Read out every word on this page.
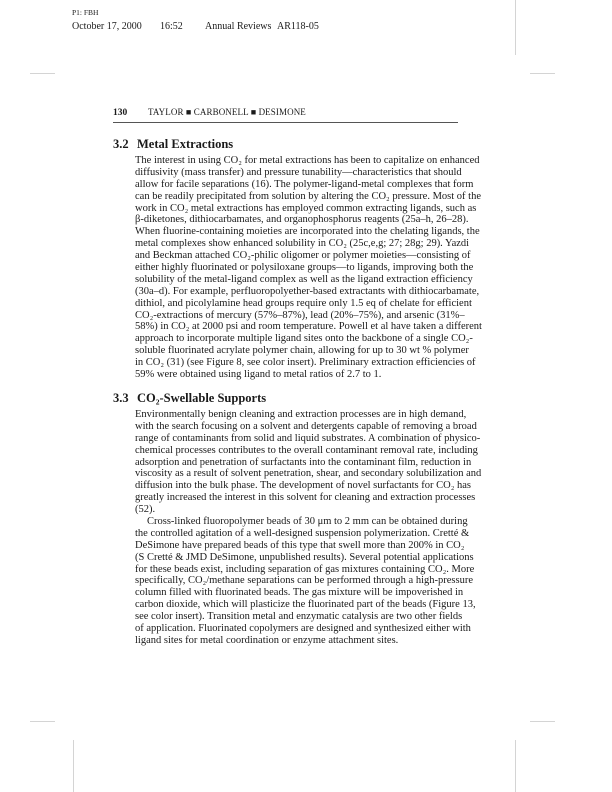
P1: FBH
October 17, 2000 16:52 Annual Reviews AR118-05
130 TAYLOR ■ CARBONELL ■ DESIMONE
3.2 Metal Extractions
The interest in using CO₂ for metal extractions has been to capitalize on enhanced
diffusivity (mass transfer) and pressure tunability—characteristics that should
allow for facile separations (16). The polymer-ligand-metal complexes that form
can be readily precipitated from solution by altering the CO₂ pressure. Most of the
work in CO₂ metal extractions has employed common extracting ligands, such as
β-diketones, dithiocarbamates, and organophosphorus reagents (25a–h, 26–28).
When fluorine-containing moieties are incorporated into the chelating ligands, the
metal complexes show enhanced solubility in CO₂ (25c,e,g; 27; 28g; 29). Yazdi
and Beckman attached CO₂-philic oligomer or polymer moieties—consisting of
either highly fluorinated or polysiloxane groups—to ligands, improving both the
solubility of the metal-ligand complex as well as the ligand extraction efficiency
(30a–d). For example, perfluoropolyether-based extractants with dithiocarbamate,
dithiol, and picolylamine head groups require only 1.5 eq of chelate for efficient
CO₂-extractions of mercury (57%–87%), lead (20%–75%), and arsenic (31%–
58%) in CO₂ at 2000 psi and room temperature. Powell et al have taken a different
approach to incorporate multiple ligand sites onto the backbone of a single CO₂-
soluble fluorinated acrylate polymer chain, allowing for up to 30 wt % polymer
in CO₂ (31) (see Figure 8, see color insert). Preliminary extraction efficiencies of
59% were obtained using ligand to metal ratios of 2.7 to 1.
3.3 CO₂-Swellable Supports
Environmentally benign cleaning and extraction processes are in high demand,
with the search focusing on a solvent and detergents capable of removing a broad
range of contaminants from solid and liquid substrates. A combination of physico-
chemical processes contributes to the overall contaminant removal rate, including
adsorption and penetration of surfactants into the contaminant film, reduction in
viscosity as a result of solvent penetration, shear, and secondary solubilization and
diffusion into the bulk phase. The development of novel surfactants for CO₂ has
greatly increased the interest in this solvent for cleaning and extraction processes
(52).
Cross-linked fluoropolymer beads of 30 μm to 2 mm can be obtained during
the controlled agitation of a well-designed suspension polymerization. Cretté &
DeSimone have prepared beads of this type that swell more than 200% in CO₂
(S Cretté & JMD DeSimone, unpublished results). Several potential applications
for these beads exist, including separation of gas mixtures containing CO₂. More
specifically, CO₂/methane separations can be performed through a high-pressure
column filled with fluorinated beads. The gas mixture will be impoverished in
carbon dioxide, which will plasticize the fluorinated part of the beads (Figure 13,
see color insert). Transition metal and enzymatic catalysis are two other fields
of application. Fluorinated copolymers are designed and synthesized either with
ligand sites for metal coordination or enzyme attachment sites.
